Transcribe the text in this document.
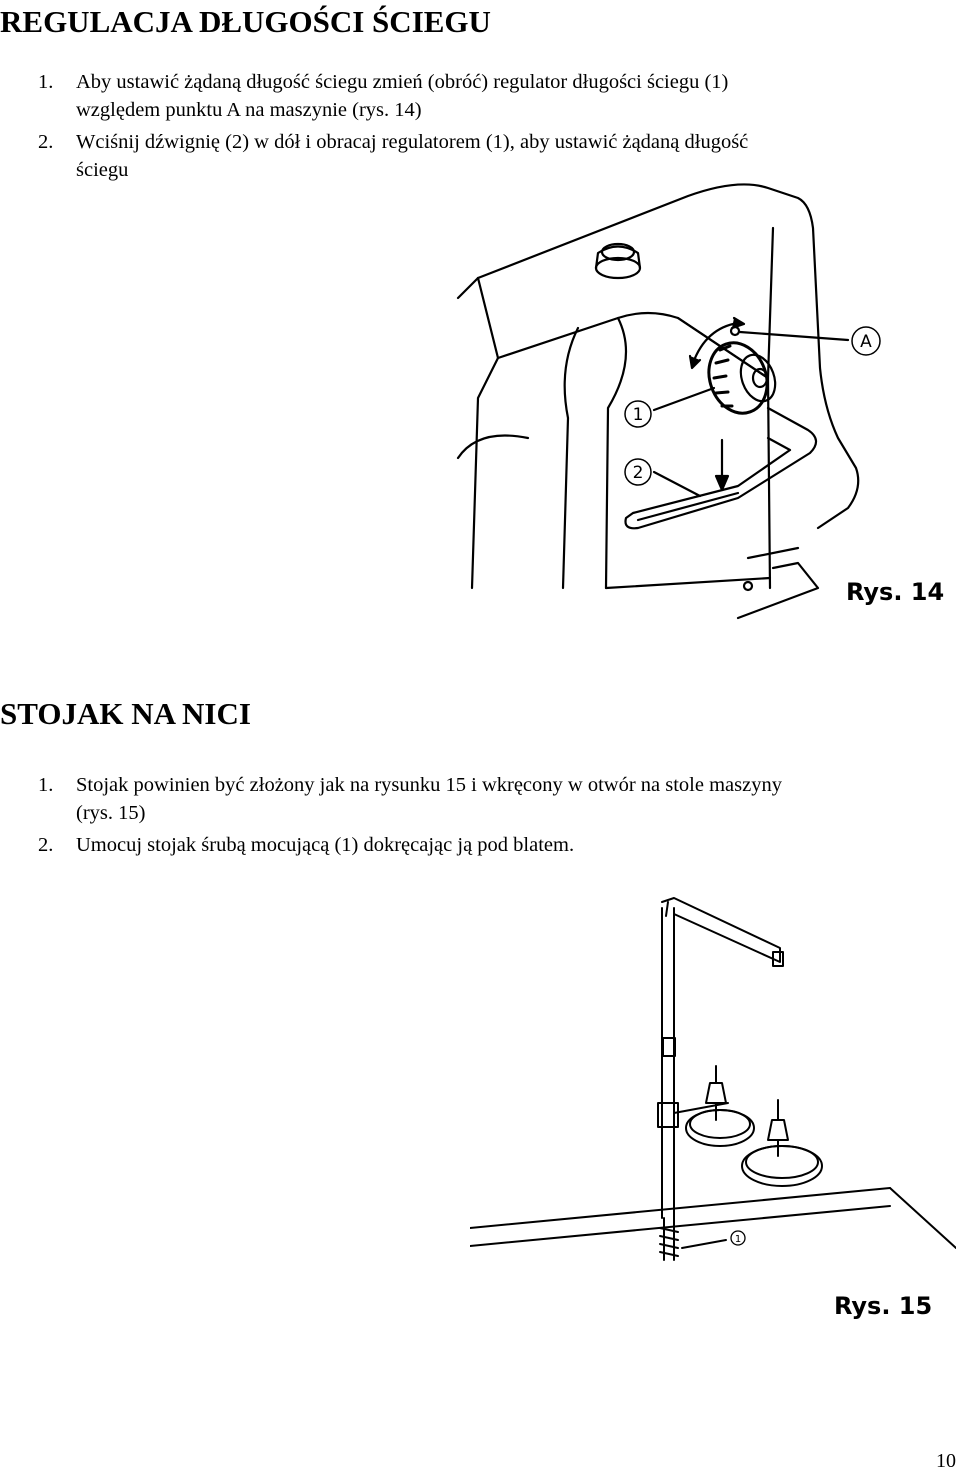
REGULACJA DŁUGOŚCI ŚCIEGU
1. Aby ustawić żądaną długość ściegu zmień (obróć) regulator długości ściegu (1)
względem punktu A na maszynie (rys. 14)
2. Wciśnij dźwignię (2) w dół i obracaj regulatorem (1), aby ustawić żądaną długość
ściegu
A
1
2
Rys. 14
STOJAK NA NICI
1. Stojak powinien być złożony jak na rysunku 15 i wkręcony w otwór na stole maszyny
(rys. 15)
2. Umocuj stojak śrubą mocującą (1) dokręcając ją pod blatem.
1
Rys. 15
10
